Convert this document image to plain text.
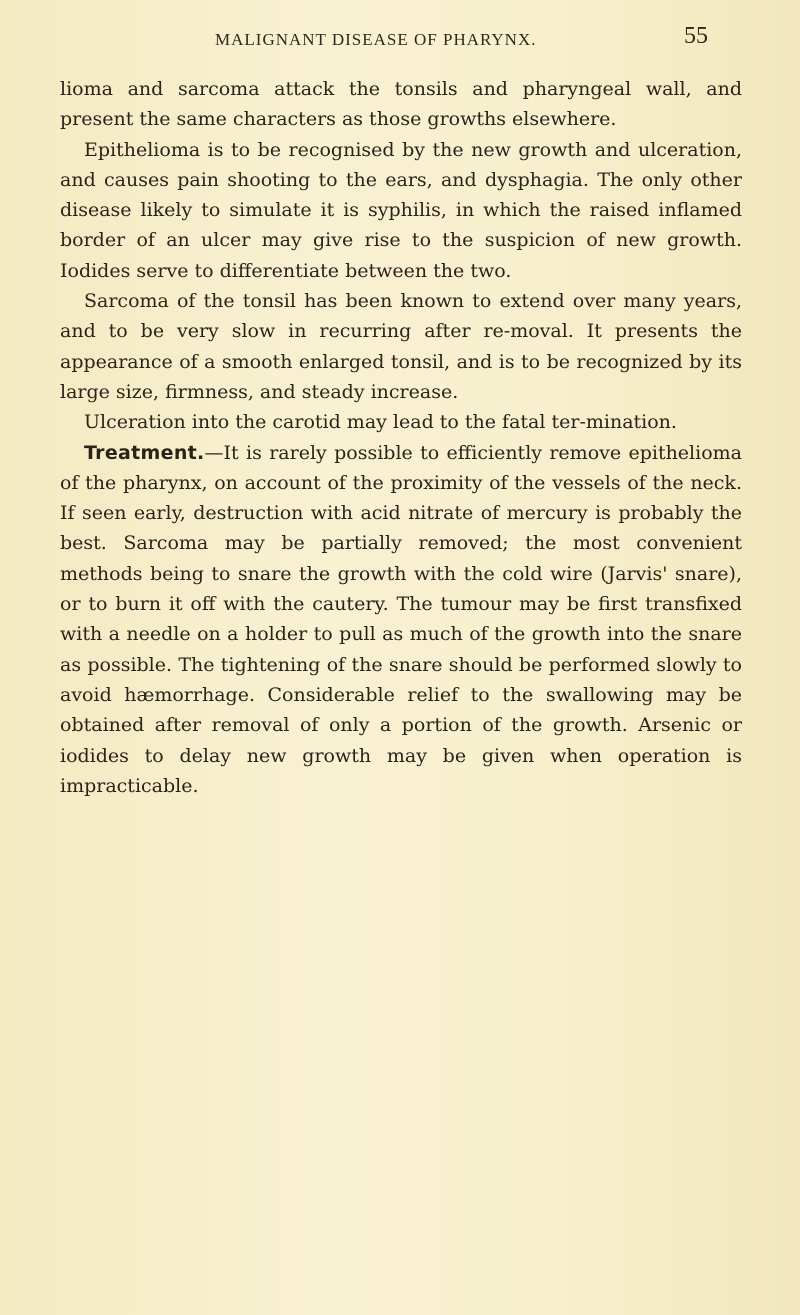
MALIGNANT DISEASE OF PHARYNX.	55

lioma and sarcoma attack the tonsils and pharyngeal wall, and present the same characters as those growths elsewhere.

Epithelioma is to be recognised by the new growth and ulceration, and causes pain shooting to the ears, and dysphagia. The only other disease likely to simulate it is syphilis, in which the raised inflamed border of an ulcer may give rise to the suspicion of new growth. Iodides serve to differentiate between the two.

Sarcoma of the tonsil has been known to extend over many years, and to be very slow in recurring after re-moval. It presents the appearance of a smooth enlarged tonsil, and is to be recognized by its large size, firmness, and steady increase.

Ulceration into the carotid may lead to the fatal ter-mination.

Treatment.—It is rarely possible to efficiently remove epithelioma of the pharynx, on account of the proximity of the vessels of the neck. If seen early, destruction with acid nitrate of mercury is probably the best. Sarcoma may be partially removed; the most convenient methods being to snare the growth with the cold wire (Jarvis' snare), or to burn it off with the cautery. The tumour may be first transfixed with a needle on a holder to pull as much of the growth into the snare as possible. The tightening of the snare should be performed slowly to avoid hæmorrhage. Considerable relief to the swallowing may be obtained after removal of only a portion of the growth. Arsenic or iodides to delay new growth may be given when operation is impracticable.
